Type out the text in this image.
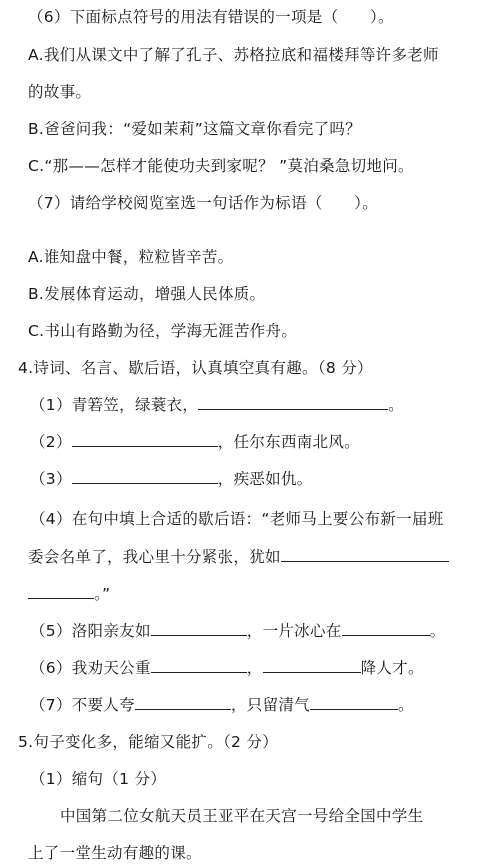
（6）下面标点符号的用法有错误的一项是（　　）。
A.我们从课文中了解了孔子、苏格拉底和福楼拜等许多老师
的故事。
B.爸爸问我：“爱如茉莉”这篇文章你看完了吗？
C.“那——怎样才能使功夫到家呢？ ”莫泊桑急切地问。
（7）请给学校阅览室选一句话作为标语（　　）。
A.谁知盘中餐，粒粒皆辛苦。
B.发展体育运动，增强人民体质。
C.书山有路勤为径，学海无涯苦作舟。
4.诗词、名言、歇后语，认真填空真有趣。（8 分）
（1）青箬笠，绿蓑衣，	。
（2）	，任尔东西南北风。
（3）	，疾恶如仇。
（4）在句中填上合适的歇后语：“老师马上要公布新一届班
委会名单了，我心里十分紧张，犹如
。”
（5）洛阳亲友如	，一片冰心在	。
（6）我劝天公重	，	降人才。
（7）不要人夸	，只留清气	。
5.句子变化多，能缩又能扩。（2 分）
（1）缩句（1 分）
中国第二位女航天员王亚平在天宫一号给全国中学生
上了一堂生动有趣的课。
